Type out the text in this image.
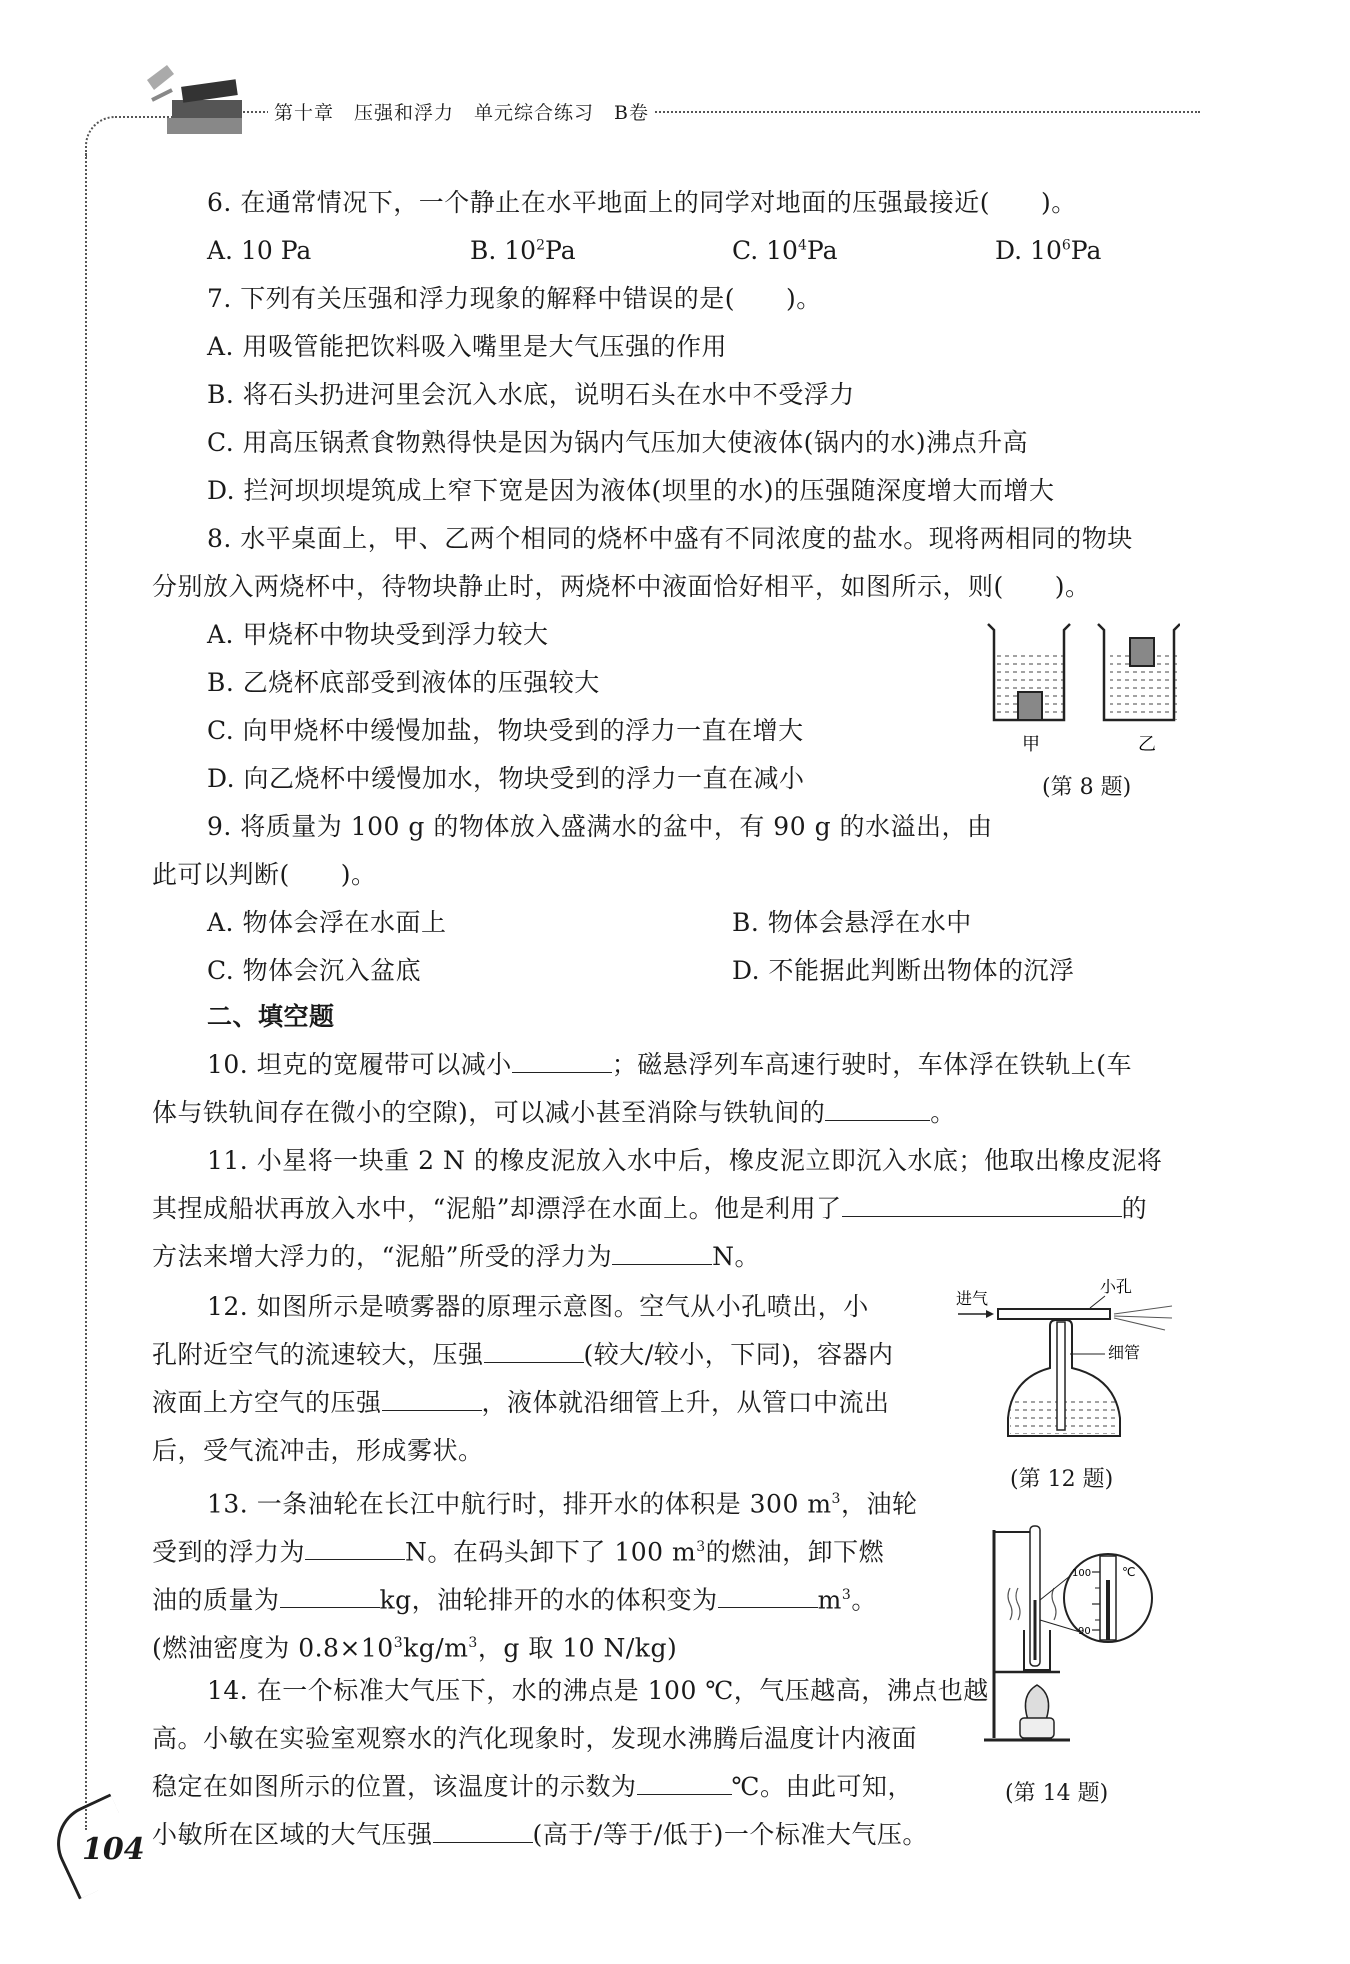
第十章　压强和浮力　单元综合练习　B卷
6. 在通常情况下，一个静止在水平地面上的同学对地面的压强最接近(　　)。
A. 10 Pa	B. $10^2Pa$	C. $10^4Pa$	D. $10^6Pa$
7. 下列有关压强和浮力现象的解释中错误的是(　　)。
A. 用吸管能把饮料吸入嘴里是大气压强的作用
B. 将石头扔进河里会沉入水底，说明石头在水中不受浮力
C. 用高压锅煮食物熟得快是因为锅内气压加大使液体(锅内的水)沸点升高
D. 拦河坝坝堤筑成上窄下宽是因为液体(坝里的水)的压强随深度增大而增大
8. 水平桌面上，甲、乙两个相同的烧杯中盛有不同浓度的盐水。现将两相同的物块
分别放入两烧杯中，待物块静止时，两烧杯中液面恰好相平，如图所示，则(　　)。
A. 甲烧杯中物块受到浮力较大
B. 乙烧杯底部受到液体的压强较大
C. 向甲烧杯中缓慢加盐，物块受到的浮力一直在增大
D. 向乙烧杯中缓慢加水，物块受到的浮力一直在减小
甲	乙
(第 8 题)
9. 将质量为 100 g 的物体放入盛满水的盆中，有 90 g 的水溢出，由
此可以判断(　　)。
A. 物体会浮在水面上	B. 物体会悬浮在水中
C. 物体会沉入盆底	D. 不能据此判断出物体的沉浮
二、填空题
10. 坦克的宽履带可以减小	；磁悬浮列车高速行驶时，车体浮在铁轨上(车
体与铁轨间存在微小的空隙)，可以减小甚至消除与铁轨间的	。
11. 小星将一块重 2 N 的橡皮泥放入水中后，橡皮泥立即沉入水底；他取出橡皮泥将
其捏成船状再放入水中，“泥船”却漂浮在水面上。他是利用了	的
方法来增大浮力的，“泥船”所受的浮力为	N。
12. 如图所示是喷雾器的原理示意图。空气从小孔喷出，小
孔附近空气的流速较大，压强	(较大/较小，下同)，容器内
液面上方空气的压强	，液体就沿细管上升，从管口中流出
后，受气流冲击，形成雾状。
进气
小孔
细管
(第 12 题)
13. 一条油轮在长江中航行时，排开水的体积是 300 $m^3$，油轮
受到的浮力为	N。在码头卸下了 100 $m^3$的燃油，卸下燃
油的质量为	kg，油轮排开的水的体积变为	$m^3$。
(燃油密度为 $0.8\times 10^3kg/m^3$，g 取 10 N/kg)
14. 在一个标准大气压下，水的沸点是 100 ℃，气压越高，沸点也越
高。小敏在实验室观察水的汽化现象时，发现水沸腾后温度计内液面
稳定在如图所示的位置，该温度计的示数为	℃。由此可知，
小敏所在区域的大气压强	(高于/等于/低于)一个标准大气压。
100
90
℃
(第 14 题)
104
